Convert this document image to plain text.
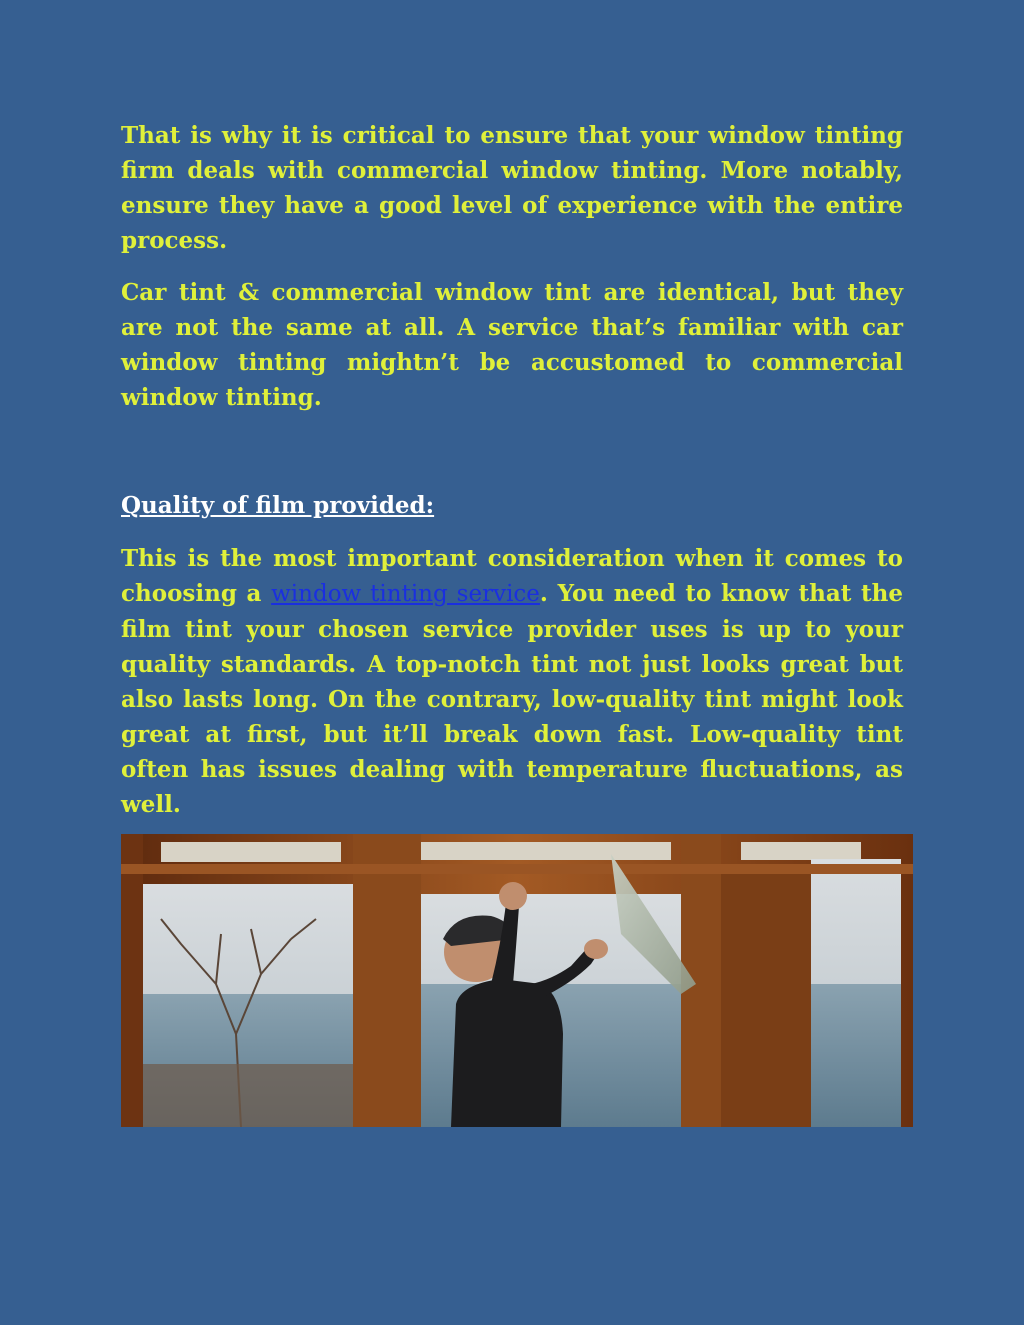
That is why it is critical to ensure that your window tinting firm deals with commercial window tinting. More notably, ensure they have a good level of experience with the entire process.

Car tint & commercial window tint are identical, but they are not the same at all. A service that’s familiar with car window tinting mightn’t be accustomed to commercial window tinting.

Quality of film provided:

This is the most important consideration when it comes to choosing a window tinting service. You need to know that the film tint your chosen service provider uses is up to your quality standards. A top-notch tint not just looks great but also lasts long. On the contrary, low-quality tint might look great at first, but it’ll break down fast. Low-quality tint often has issues dealing with temperature fluctuations, as well.
